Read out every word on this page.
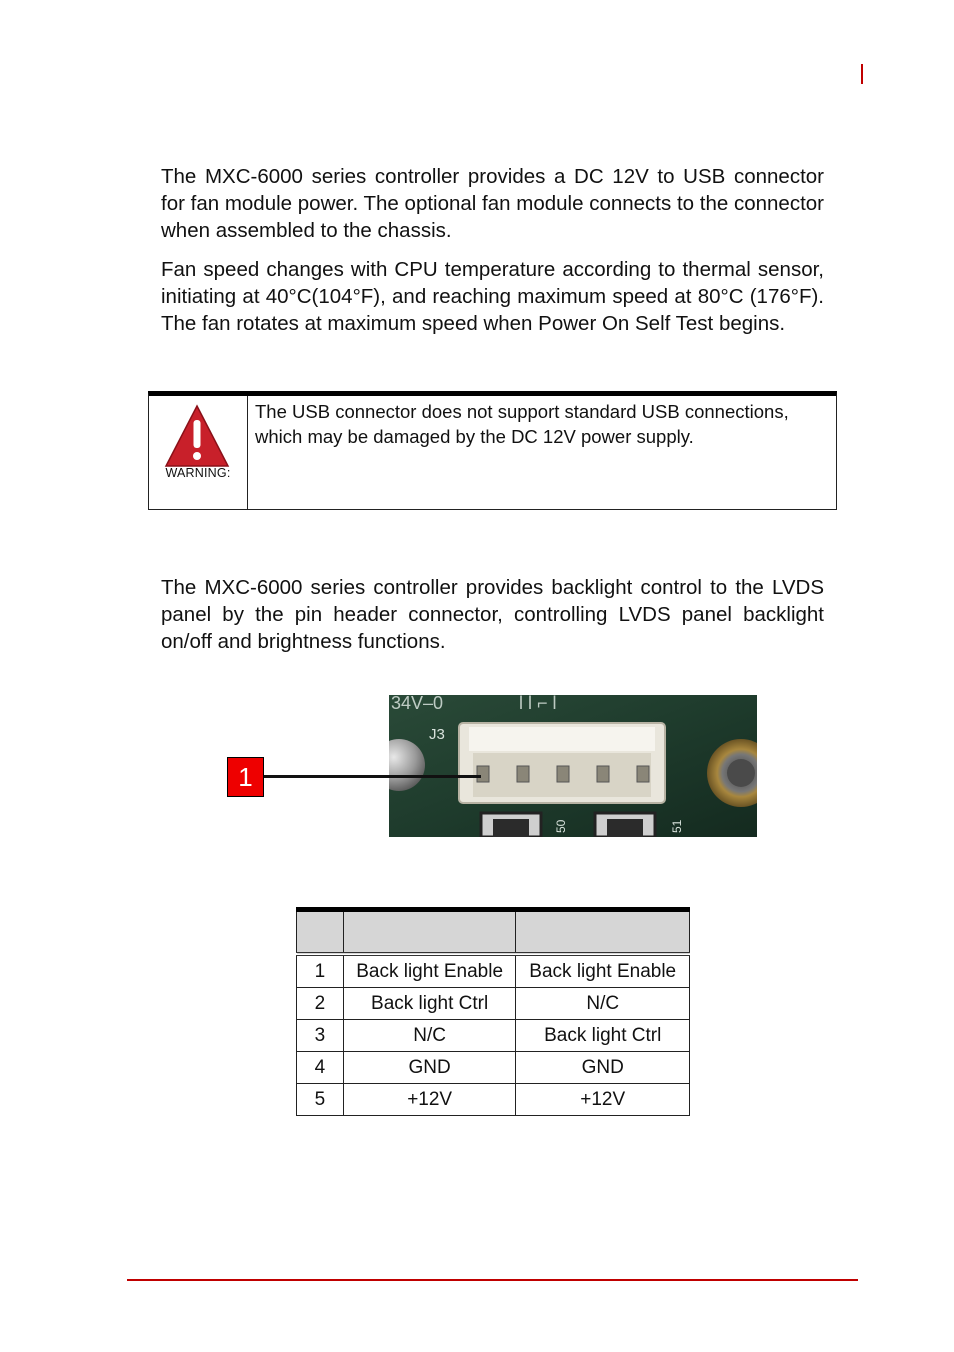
The MXC-6000 series controller provides a DC 12V to USB connector for fan module power. The optional fan module connects to the connector when assembled to the chassis.

Fan speed changes with CPU temperature according to thermal sensor, initiating at 40°C(104°F), and reaching maximum speed at 80°C (176°F). The fan rotates at maximum speed when Power On Self Test begins.

WARNING:

The USB connector does not support standard USB connections, which may be damaged by the DC 12V power supply.

The MXC-6000 series controller provides backlight control to the LVDS panel by the pin header connector, controlling LVDS panel backlight on/off and brightness functions.

34V–0	l l ⌐ l
J3
50	51
1

1	Back light Enable	Back light Enable
2	Back light Ctrl	N/C
3	N/C	Back light Ctrl
4	GND	GND
5	+12V	+12V
